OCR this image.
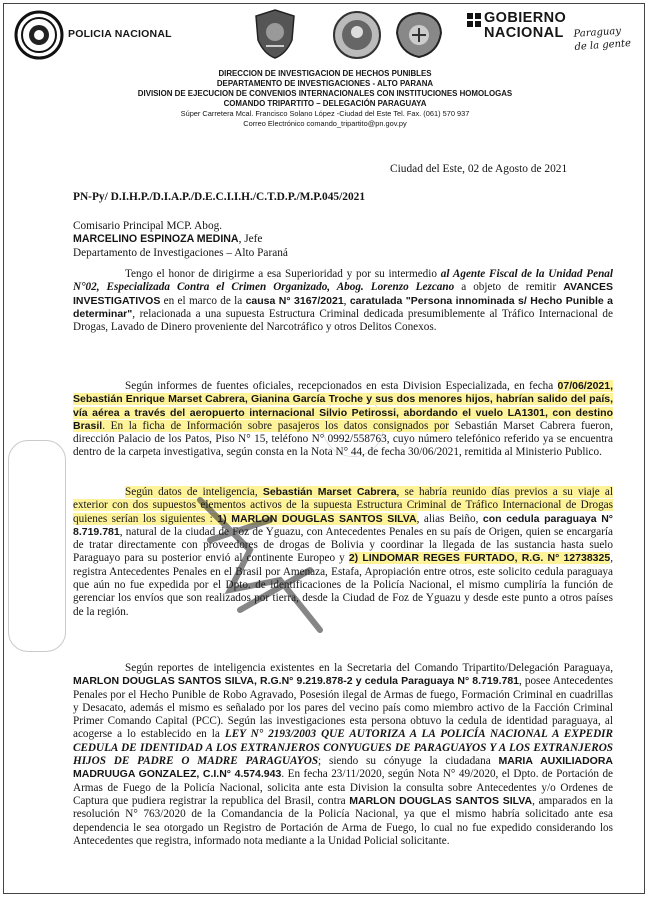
POLICIA NACIONAL
GOBIERNO
NACIONAL Paraguay
de la gente
DIRECCION DE INVESTIGACION DE HECHOS PUNIBLES
DEPARTAMENTO DE INVESTIGACIONES - ALTO PARANA
DIVISION DE EJECUCION DE CONVENIOS INTERNACIONALES CON INSTITUCIONES HOMOLOGAS
COMANDO TRIPARTITO – DELEGACIÓN PARAGUAYA
Súper Carretera Mcal. Francisco Solano López -Ciudad del Este Tel. Fax. (061) 570 937
Correo Electrónico comando_tripartito@pn.gov.py
Ciudad del Este, 02 de Agosto de 2021
PN-Py/ D.I.H.P./D.I.A.P./D.E.C.I.I.H./C.T.D.P./M.P.045/2021
Comisario Principal MCP. Abog.
MARCELINO ESPINOZA MEDINA, Jefe
Departamento de Investigaciones – Alto Paraná

Tengo el honor de dirigirme a esa Superioridad y por su intermedio al Agente Fiscal de la Unidad Penal N°02, Especializada Contra el Crimen Organizado, Abog. Lorenzo Lezcano a objeto de remitir AVANCES INVESTIGATIVOS en el marco de la causa N° 3167/2021, caratulada "Persona innominada s/ Hecho Punible a determinar", relacionada a una supuesta Estructura Criminal dedicada presumiblemente al Tráfico Internacional de Drogas, Lavado de Dinero proveniente del Narcotráfico y otros Delitos Conexos.

Según informes de fuentes oficiales, recepcionados en esta Division Especializada, en fecha 07/06/2021, Sebastián Enrique Marset Cabrera, Gianina García Troche y sus dos menores hijos, habrían salido del país, vía aérea a través del aeropuerto internacional Silvio Petirossi, abordando el vuelo LA1301, con destino Brasil. En la ficha de Información sobre pasajeros los datos consignados por Sebastián Marset Cabrera fueron, dirección Palacio de los Patos, Piso N° 15, teléfono N° 0992/558763, cuyo número telefónico referido ya se encuentra dentro de la carpeta investigativa, según consta en la Nota N° 44, de fecha 30/06/2021, remitida al Ministerio Publico.

Según datos de inteligencia, Sebastián Marset Cabrera, se habría reunido días previos a su viaje al exterior con dos supuestos elementos activos de la supuesta Estructura Criminal de Tráfico Internacional de Drogas quienes serían los siguientes : 1) MARLON DOUGLAS SANTOS SILVA, alias Beiño, con cedula paraguaya N° 8.719.781, natural de la ciudad de Foz de Yguazu, con Antecedentes Penales en su país de Origen, quien se encargaría de tratar directamente con proveedores de drogas de Bolivia y coordinar la llegada de las sustancia hasta suelo Paraguayo para su posterior envió al continente Europeo y 2) LINDOMAR REGES FURTADO, R.G. N° 12738325, registra Antecedentes Penales en el Brasil por Amenaza, Estafa, Apropiación entre otros, este solicito cedula paraguaya que aún no fue expedida por el Dpto. de identificaciones de la Policía Nacional, el mismo cumpliría la función de gerenciar los envíos que son realizados por tierra, desde la Ciudad de Foz de Yguazu y desde este punto a otros países de la región.

Según reportes de inteligencia existentes en la Secretaria del Comando Tripartito/Delegación Paraguaya, MARLON DOUGLAS SANTOS SILVA, R.G.N° 9.219.878-2 y cedula Paraguaya N° 8.719.781, posee Antecedentes Penales por el Hecho Punible de Robo Agravado, Posesión ilegal de Armas de fuego, Formación Criminal en cuadrillas y Desacato, además el mismo es señalado por los pares del vecino país como miembro activo de la Facción Criminal Primer Comando Capital (PCC). Según las investigaciones esta persona obtuvo la cedula de identidad paraguaya, al acogerse a lo establecido en la LEY N° 2193/2003 QUE AUTORIZA A LA POLICÍA NACIONAL A EXPEDIR CEDULA DE IDENTIDAD A LOS EXTRANJEROS CONYUGUES DE PARAGUAYOS Y A LOS EXTRANJEROS HIJOS DE PADRE O MADRE PARAGUAYOS; siendo su cónyuge la ciudadana MARIA AUXILIADORA MADRUUGA GONZALEZ, C.I.N° 4.574.943. En fecha 23/11/2020, según Nota N° 49/2020, el Dpto. de Portación de Armas de Fuego de la Policía Nacional, solicita ante esta Division la consulta sobre Antecedentes y/o Ordenes de Captura que pudiera registrar la republica del Brasil, contra MARLON DOUGLAS SANTOS SILVA, amparados en la resolución N° 763/2020 de la Comandancia de la Policía Nacional, ya que el mismo habría solicitado ante esa dependencia le sea otorgado un Registro de Portación de Arma de Fuego, lo cual no fue expedido considerando los Antecedentes que registra, informado nota mediante a la Unidad Policial solicitante.
